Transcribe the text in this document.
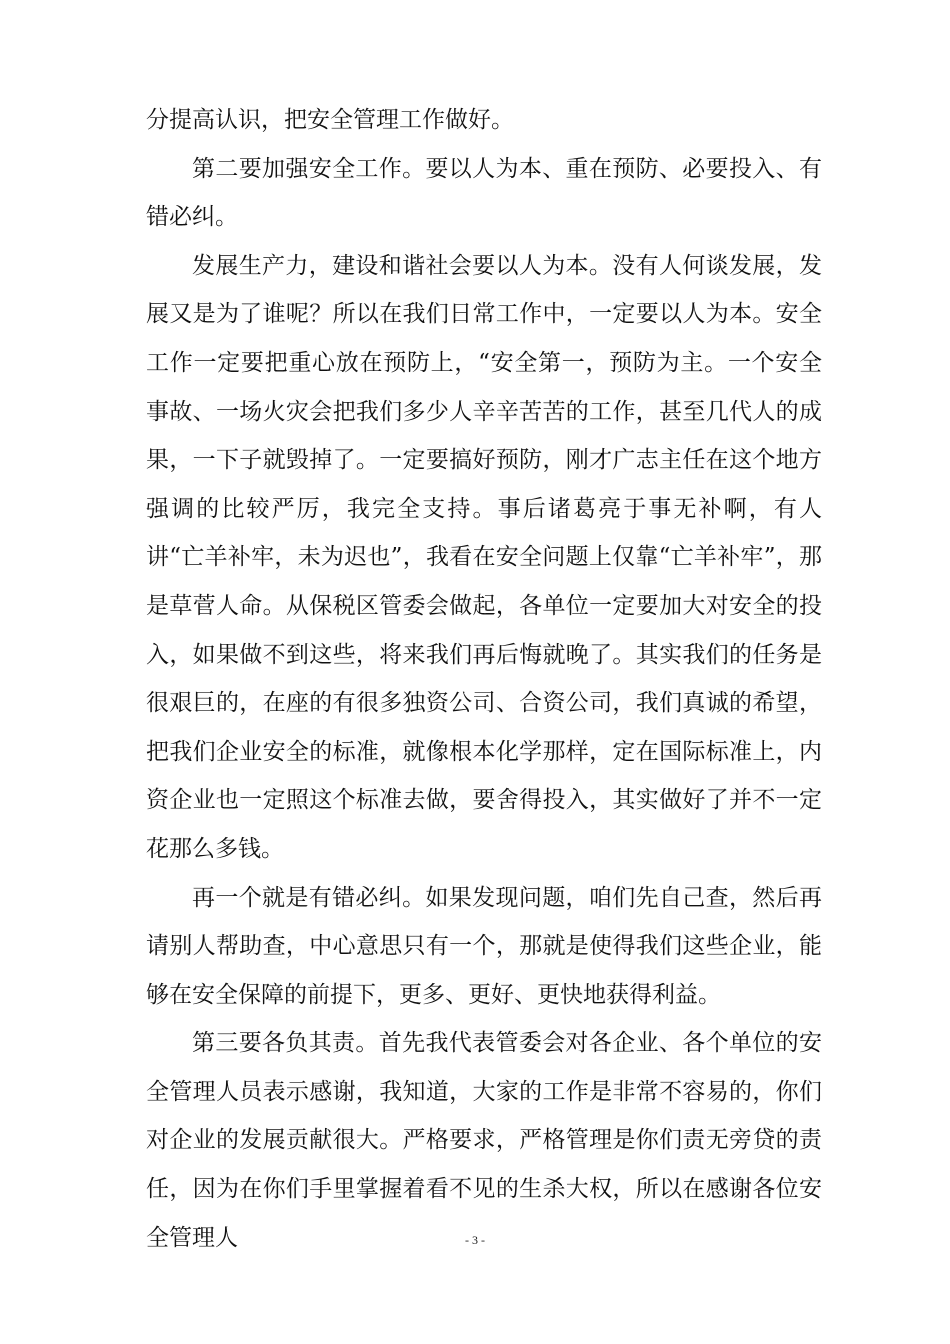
分提高认识，把安全管理工作做好。

第二要加强安全工作。要以人为本、重在预防、必要投入、有错必纠。

发展生产力，建设和谐社会要以人为本。没有人何谈发展，发展又是为了谁呢？所以在我们日常工作中，一定要以人为本。安全工作一定要把重心放在预防上，“安全第一，预防为主。一个安全事故、一场火灾会把我们多少人辛辛苦苦的工作，甚至几代人的成果，一下子就毁掉了。一定要搞好预防，刚才广志主任在这个地方强调的比较严厉，我完全支持。事后诸葛亮于事无补啊，有人讲“亡羊补牢，未为迟也”，我看在安全问题上仅靠“亡羊补牢”，那是草菅人命。从保税区管委会做起，各单位一定要加大对安全的投入，如果做不到这些，将来我们再后悔就晚了。其实我们的任务是很艰巨的，在座的有很多独资公司、合资公司，我们真诚的希望，把我们企业安全的标准，就像根本化学那样，定在国际标准上，内资企业也一定照这个标准去做，要舍得投入，其实做好了并不一定花那么多钱。

再一个就是有错必纠。如果发现问题，咱们先自己查，然后再请别人帮助查，中心意思只有一个，那就是使得我们这些企业，能够在安全保障的前提下，更多、更好、更快地获得利益。

第三要各负其责。首先我代表管委会对各企业、各个单位的安全管理人员表示感谢，我知道，大家的工作是非常不容易的，你们对企业的发展贡献很大。严格要求，严格管理是你们责无旁贷的责任，因为在你们手里掌握着看不见的生杀大权，所以在感谢各位安全管理人	- 3 -
